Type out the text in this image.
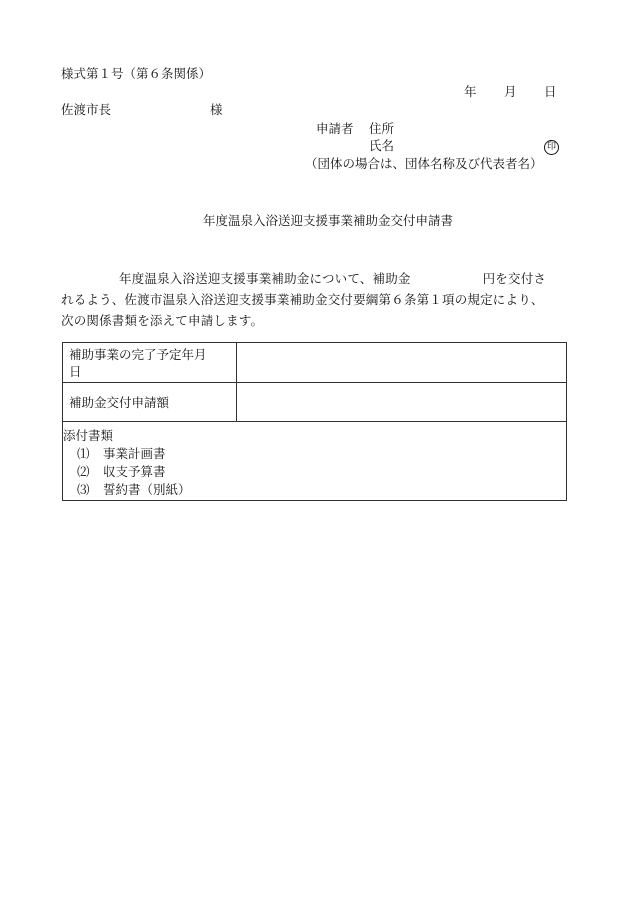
様式第１号（第６条関係）
年 月 日
佐渡市長	様
申請者 住所
氏名	印
（団体の場合は、団体名称及び代表者名）
年度温泉入浴送迎支援事業補助金交付申請書
年度温泉入浴送迎支援事業補助金について、補助金	円を交付さ
れるよう、佐渡市温泉入浴送迎支援事業補助金交付要綱第６条第１項の規定により、
次の関係書類を添えて申請します。
補助事業の完了予定年月
日
補助金交付申請額
添付書類
⑴ 事業計画書
⑵ 収支予算書
⑶ 誓約書（別紙）
